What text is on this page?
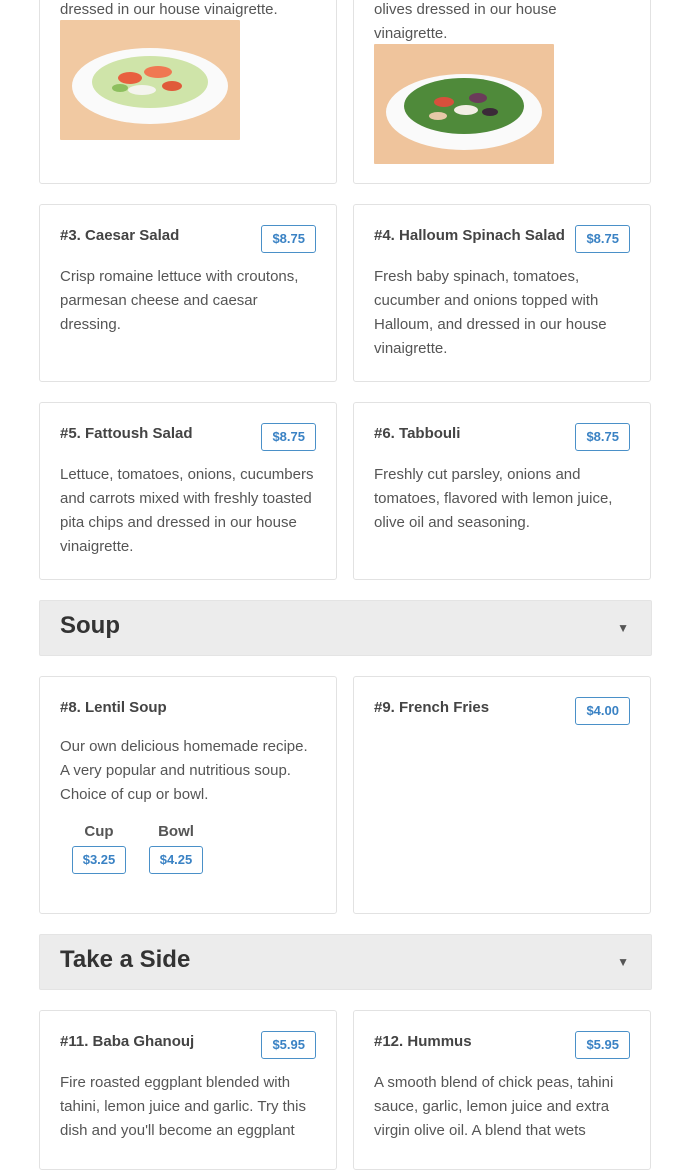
dressed in our house vinaigrette.	olives dressed in our house vinaigrette.
#3. Caesar Salad	$8.75
Crisp romaine lettuce with croutons, parmesan cheese and caesar dressing.
#4. Halloum Spinach Salad	$8.75
Fresh baby spinach, tomatoes, cucumber and onions topped with Halloum, and dressed in our house vinaigrette.
#5. Fattoush Salad	$8.75
Lettuce, tomatoes, onions, cucumbers and carrots mixed with freshly toasted pita chips and dressed in our house vinaigrette.
#6. Tabbouli	$8.75
Freshly cut parsley, onions and tomatoes, flavored with lemon juice, olive oil and seasoning.
Soup	▼
#8. Lentil Soup
Our own delicious homemade recipe. A very popular and nutritious soup. Choice of cup or bowl.
Cup
$3.25
Bowl
$4.25
#9. French Fries	$4.00
Take a Side	▼
#11. Baba Ghanouj	$5.95
Fire roasted eggplant blended with tahini, lemon juice and garlic. Try this dish and you'll become an eggplant
#12. Hummus	$5.95
A smooth blend of chick peas, tahini sauce, garlic, lemon juice and extra virgin olive oil. A blend that wets
